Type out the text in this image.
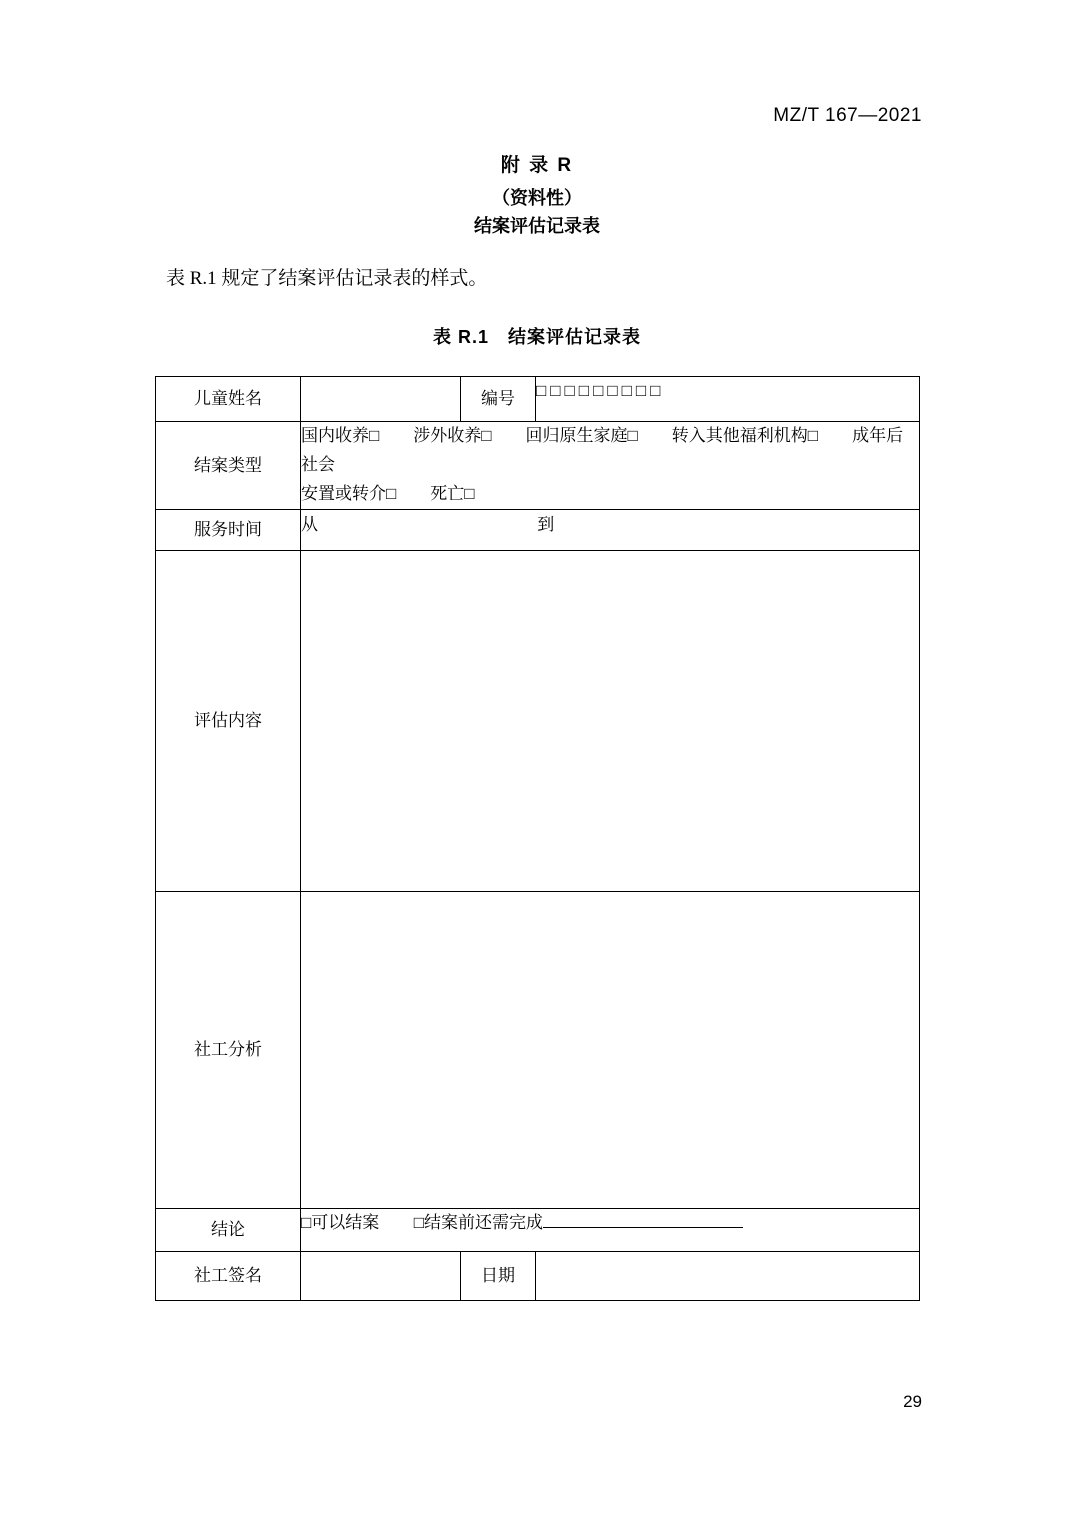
MZ/T 167—2021
附 录 R
（资料性）
结案评估记录表
表 R.1 规定了结案评估记录表的样式。
表 R.1　结案评估记录表
儿童姓名		编号	□□□□□□□□□
结案类型	国内收养□　　涉外收养□　　回归原生家庭□　　转入其他福利机构□　　成年后社会
安置或转介□　　死亡□		

服务时间	从 到		
评估内容			
社工分析			
结论	□可以结案 □结案前还需完成		
社工签名		日期	
29
